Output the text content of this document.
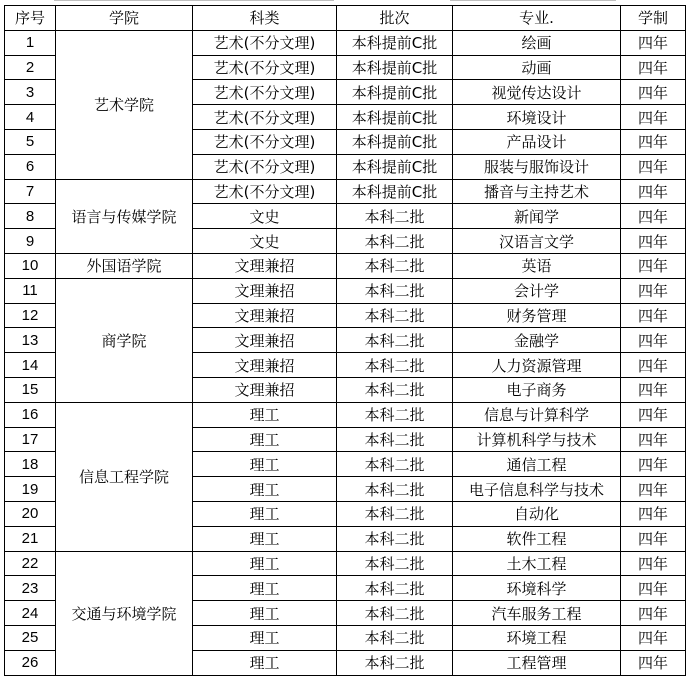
序号	学院	科类	批次	专业.	学制
1	艺术学院	艺术(不分文理)	本科提前C批	绘画	四年
2		艺术(不分文理)	本科提前C批	动画	四年
3		艺术(不分文理)	本科提前C批	视觉传达设计	四年
4		艺术(不分文理)	本科提前C批	环境设计	四年
5		艺术(不分文理)	本科提前C批	产品设计	四年
6		艺术(不分文理)	本科提前C批	服装与服饰设计	四年
7	语言与传媒学院	艺术(不分文理)	本科提前C批	播音与主持艺术	四年
8		文史	本科二批	新闻学	四年
9		文史	本科二批	汉语言文学	四年
10	外国语学院	文理兼招	本科二批	英语	四年
11	商学院	文理兼招	本科二批	会计学	四年
12		文理兼招	本科二批	财务管理	四年
13		文理兼招	本科二批	金融学	四年
14		文理兼招	本科二批	人力资源管理	四年
15		文理兼招	本科二批	电子商务	四年
16	信息工程学院	理工	本科二批	信息与计算科学	四年
17		理工	本科二批	计算机科学与技术	四年
18		理工	本科二批	通信工程	四年
19		理工	本科二批	电子信息科学与技术	四年
20		理工	本科二批	自动化	四年
21		理工	本科二批	软件工程	四年
22	交通与环境学院	理工	本科二批	土木工程	四年
23		理工	本科二批	环境科学	四年
24		理工	本科二批	汽车服务工程	四年
25		理工	本科二批	环境工程	四年
26		理工	本科二批	工程管理	四年
